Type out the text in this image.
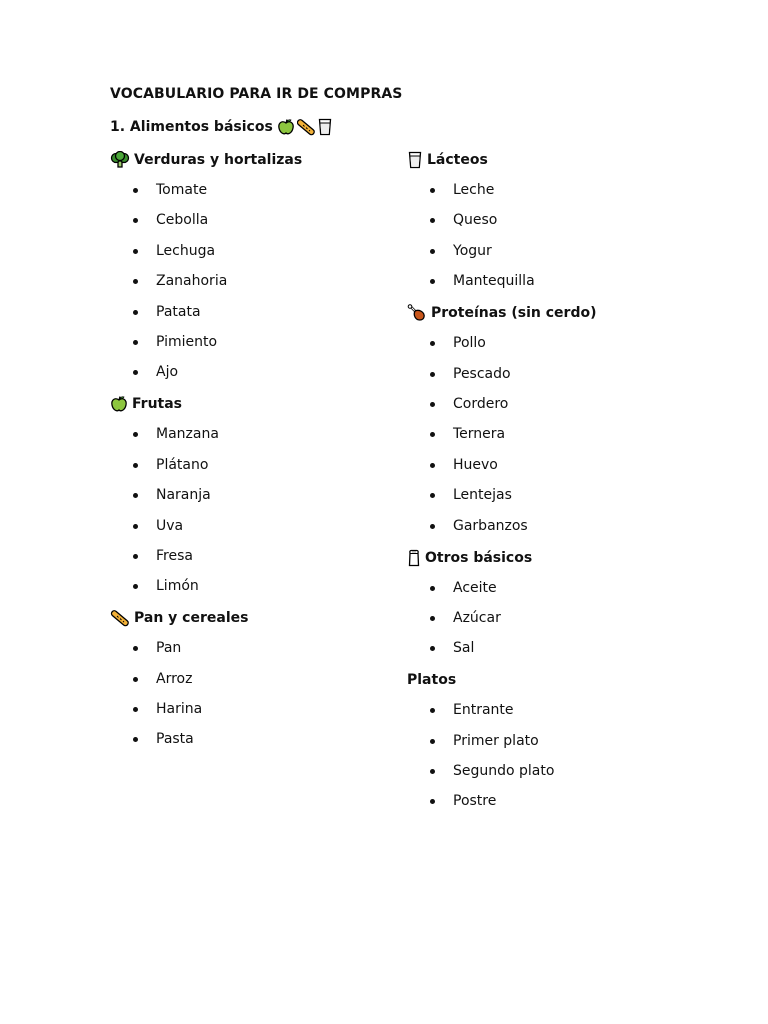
VOCABULARIO PARA IR DE COMPRAS
1. Alimentos básicos
Verduras y hortalizas
Tomate
Cebolla
Lechuga
Zanahoria
Patata
Pimiento
Ajo
Frutas
Manzana
Plátano
Naranja
Uva
Fresa
Limón
Pan y cereales
Pan
Arroz
Harina
Pasta
Lácteos
Leche
Queso
Yogur
Mantequilla
Proteínas (sin cerdo)
Pollo
Pescado
Cordero
Ternera
Huevo
Lentejas
Garbanzos
Otros básicos
Aceite
Azúcar
Sal
Platos
Entrante
Primer plato
Segundo plato
Postre
